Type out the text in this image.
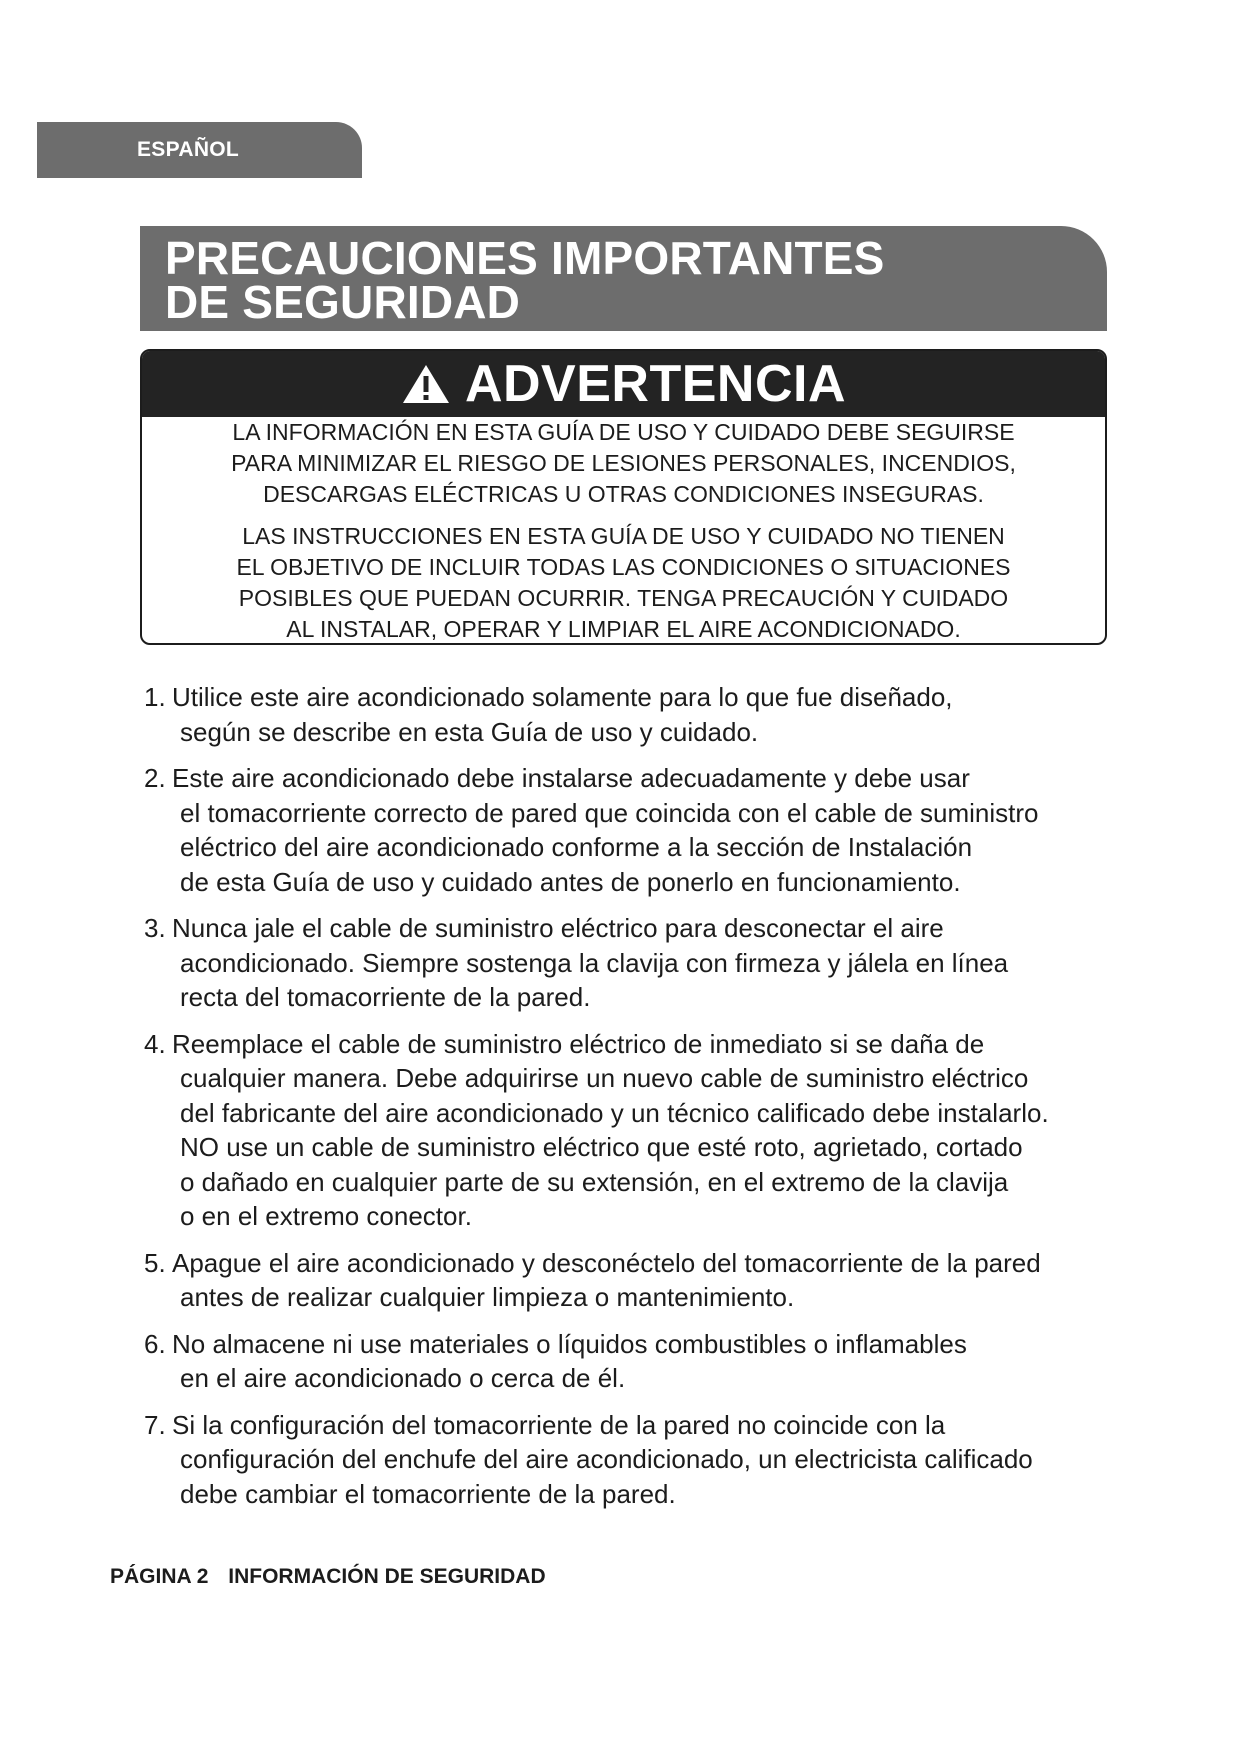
ESPAÑOL
PRECAUCIONES IMPORTANTES
DE SEGURIDAD
ADVERTENCIA

LA INFORMACIÓN EN ESTA GUÍA DE USO Y CUIDADO DEBE SEGUIRSE
PARA MINIMIZAR EL RIESGO DE LESIONES PERSONALES, INCENDIOS,
DESCARGAS ELÉCTRICAS U OTRAS CONDICIONES INSEGURAS.

LAS INSTRUCCIONES EN ESTA GUÍA DE USO Y CUIDADO NO TIENEN
EL OBJETIVO DE INCLUIR TODAS LAS CONDICIONES O SITUACIONES
POSIBLES QUE PUEDAN OCURRIR. TENGA PRECAUCIÓN Y CUIDADO
AL INSTALAR, OPERAR Y LIMPIAR EL AIRE ACONDICIONADO.

1. Utilice este aire acondicionado solamente para lo que fue diseñado,
según se describe en esta Guía de uso y cuidado.
2. Este aire acondicionado debe instalarse adecuadamente y debe usar
el tomacorriente correcto de pared que coincida con el cable de suministro
eléctrico del aire acondicionado conforme a la sección de Instalación
de esta Guía de uso y cuidado antes de ponerlo en funcionamiento.
3. Nunca jale el cable de suministro eléctrico para desconectar el aire
acondicionado. Siempre sostenga la clavija con firmeza y jálela en línea
recta del tomacorriente de la pared.
4. Reemplace el cable de suministro eléctrico de inmediato si se daña de
cualquier manera. Debe adquirirse un nuevo cable de suministro eléctrico
del fabricante del aire acondicionado y un técnico calificado debe instalarlo.
NO use un cable de suministro eléctrico que esté roto, agrietado, cortado
o dañado en cualquier parte de su extensión, en el extremo de la clavija
o en el extremo conector.
5. Apague el aire acondicionado y desconéctelo del tomacorriente de la pared
antes de realizar cualquier limpieza o mantenimiento.
6. No almacene ni use materiales o líquidos combustibles o inflamables
en el aire acondicionado o cerca de él.
7. Si la configuración del tomacorriente de la pared no coincide con la
configuración del enchufe del aire acondicionado, un electricista calificado
debe cambiar el tomacorriente de la pared.
PÁGINA 2 INFORMACIÓN DE SEGURIDAD
